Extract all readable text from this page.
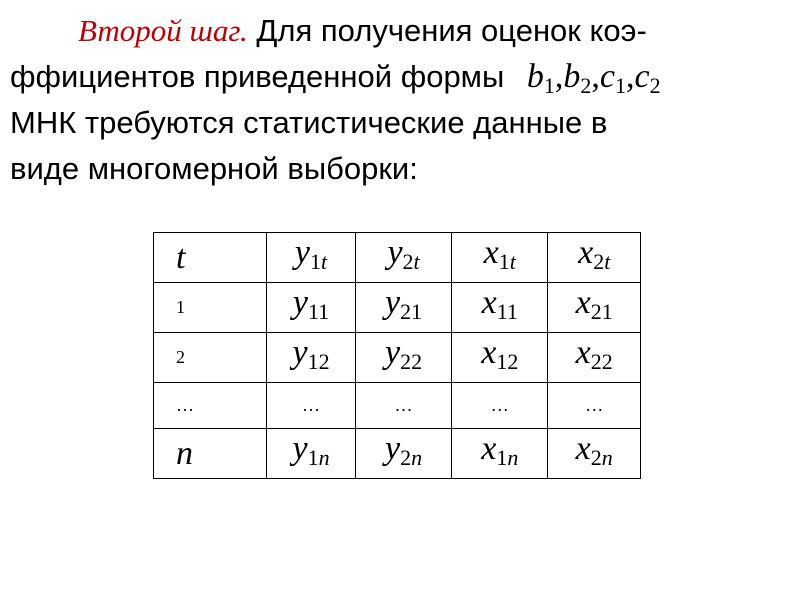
Второй шаг. Для получения оценок коэ-
ффициентов приведенной формы $b_1,b_2,c_1,c_2$
МНК требуются статистические данные в
виде многомерной выборки:
t	y1t	y2t	x1t	x2t
1	y11	y21	x11	x21
2	y12	y22	x12	x22
…	…	…	…	…
n	y1n	y2n	x1n	x2n
